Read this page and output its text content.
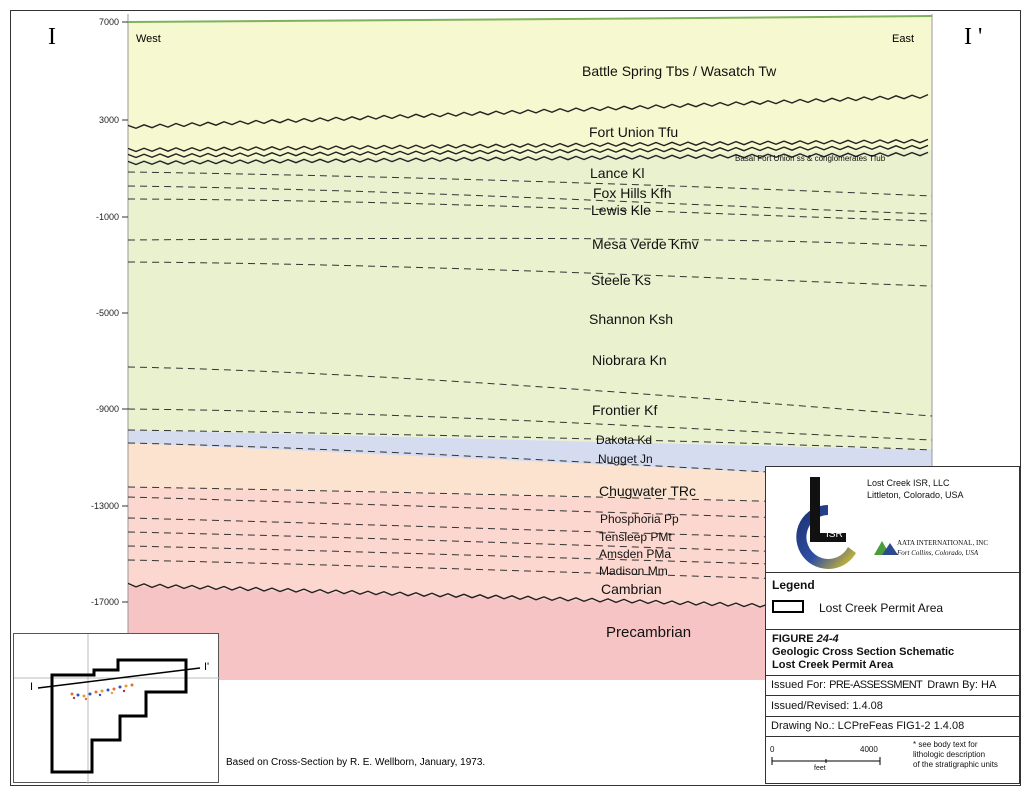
7000
3000
-1000
-5000
-9000
-13000
-17000
I	I '
West	East
Battle Spring Tbs / Wasatch Tw
Fort Union Tfu
Basal Fort Union ss & conglomerates Tfub
Lance Kl
Fox Hills Kfh
Lewis Kle
Mesa Verde Kmv
Steele Ks
Shannon Ksh
Niobrara Kn
Frontier Kf
Dakota Kd
Nugget Jn
Chugwater TRc
Phosphoria Pp
Tensleep PMt
Amsden PMa
Madison Mm
Cambrian
Precambrian
Based on Cross-Section by R. E. Wellborn, January, 1973.
I
I'
ISR
Lost Creek ISR, LLC
Littleton, Colorado, USA
AATA INTERNATIONAL, INC
Fort Collins, Colorado, USA
Legend
Lost Creek Permit Area
FIGURE 24-4
Geologic Cross Section Schematic
Lost Creek Permit Area
Issued For: PRE-ASSESSMENT Drawn By: HA
Issued/Revised: 1.4.08
Drawing No.: LCPreFeas FIG1-2 1.4.08
0	4000
feet
* see body text for
lithologic description
of the stratigraphic units
